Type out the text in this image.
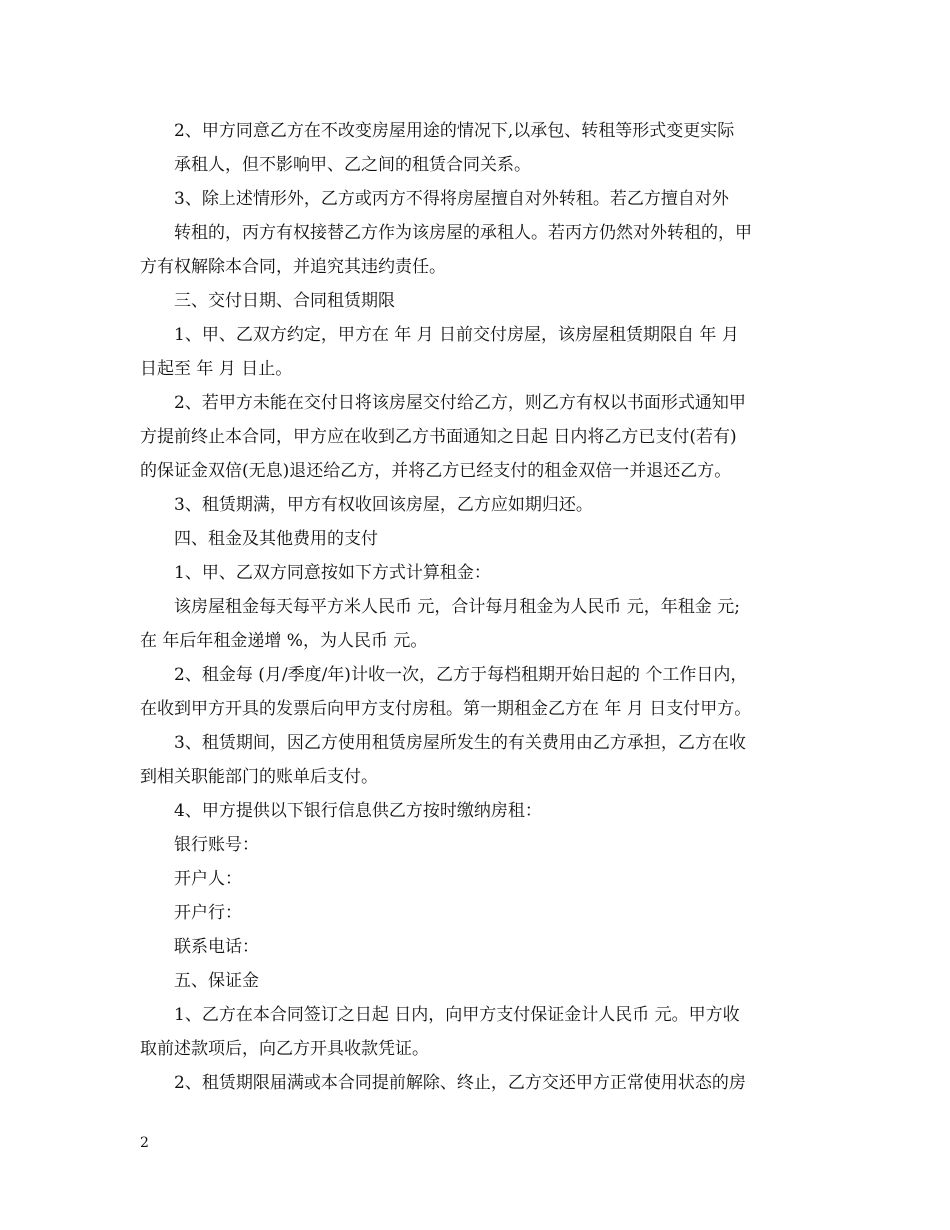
2、甲方同意乙方在不改变房屋用途的情况下,以承包、转租等形式变更实际
承租人，但不影响甲、乙之间的租赁合同关系。
3、除上述情形外，乙方或丙方不得将房屋擅自对外转租。若乙方擅自对外
转租的，丙方有权接替乙方作为该房屋的承租人。若丙方仍然对外转租的，甲
方有权解除本合同，并追究其违约责任。
三、交付日期、合同租赁期限
1、甲、乙双方约定，甲方在 年 月 日前交付房屋，该房屋租赁期限自 年 月
日起至 年 月 日止。
2、若甲方未能在交付日将该房屋交付给乙方，则乙方有权以书面形式通知甲
方提前终止本合同，甲方应在收到乙方书面通知之日起 日内将乙方已支付(若有)
的保证金双倍(无息)退还给乙方，并将乙方已经支付的租金双倍一并退还乙方。
3、租赁期满，甲方有权收回该房屋，乙方应如期归还。
四、租金及其他费用的支付
1、甲、乙双方同意按如下方式计算租金：
该房屋租金每天每平方米人民币 元，合计每月租金为人民币 元，年租金 元;
在 年后年租金递增 %，为人民币 元。
2、租金每 (月/季度/年)计收一次，乙方于每档租期开始日起的 个工作日内，
在收到甲方开具的发票后向甲方支付房租。第一期租金乙方在 年 月 日支付甲方。
3、租赁期间，因乙方使用租赁房屋所发生的有关费用由乙方承担，乙方在收
到相关职能部门的账单后支付。
4、甲方提供以下银行信息供乙方按时缴纳房租：
银行账号：
开户人：
开户行：
联系电话：
五、保证金
1、乙方在本合同签订之日起 日内，向甲方支付保证金计人民币 元。甲方收
取前述款项后，向乙方开具收款凭证。
2、租赁期限届满或本合同提前解除、终止，乙方交还甲方正常使用状态的房
2
